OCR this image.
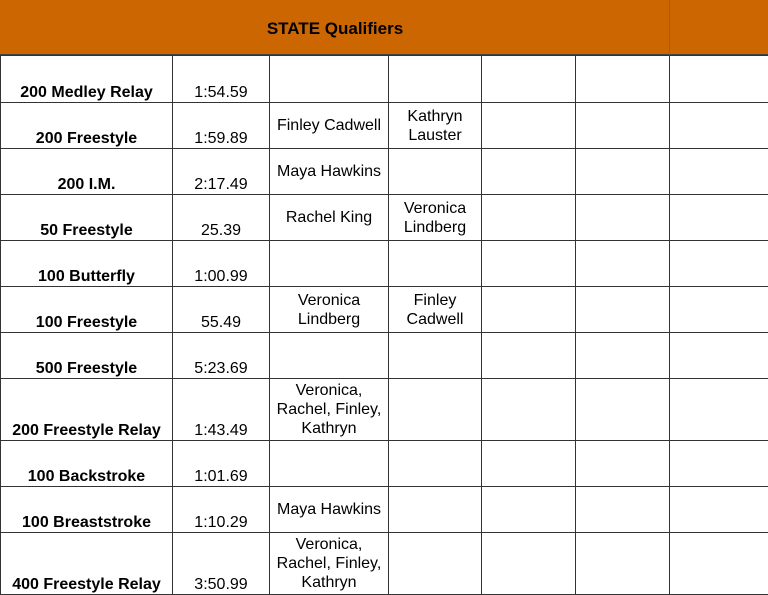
STATE Qualifiers
200 Medley Relay	1:54.59					
200 Freestyle	1:59.89	Finley Cadwell	Kathryn Lauster			
200 I.M.	2:17.49	Maya Hawkins				
50 Freestyle	25.39	Rachel King	Veronica Lindberg			
100 Butterfly	1:00.99					
100 Freestyle	55.49	Veronica Lindberg	Finley Cadwell			
500 Freestyle	5:23.69					
200 Freestyle Relay	1:43.49	Veronica, Rachel, Finley, Kathryn				
100 Backstroke	1:01.69					
100 Breaststroke	1:10.29	Maya Hawkins				
400 Freestyle Relay	3:50.99	Veronica, Rachel, Finley, Kathryn				
